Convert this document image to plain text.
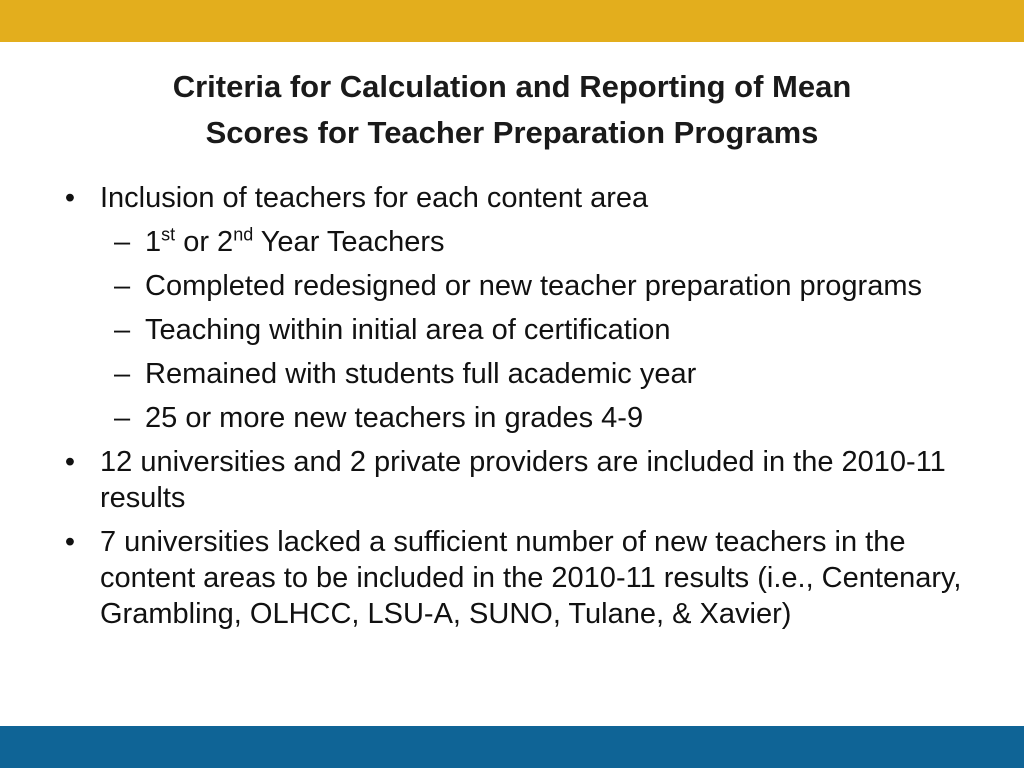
Criteria for Calculation and Reporting of Mean
Scores for Teacher Preparation Programs
• Inclusion of teachers for each content area
– 1st or 2nd Year Teachers
– Completed redesigned or new teacher preparation programs
– Teaching within initial area of certification
– Remained with students full academic year
– 25 or more new teachers in grades 4-9
• 12 universities and 2 private providers are included in the 2010-11 results
• 7 universities lacked a sufficient number of new teachers in the content areas to be included in the 2010-11 results (i.e., Centenary, Grambling, OLHCC, LSU-A, SUNO, Tulane, & Xavier)
